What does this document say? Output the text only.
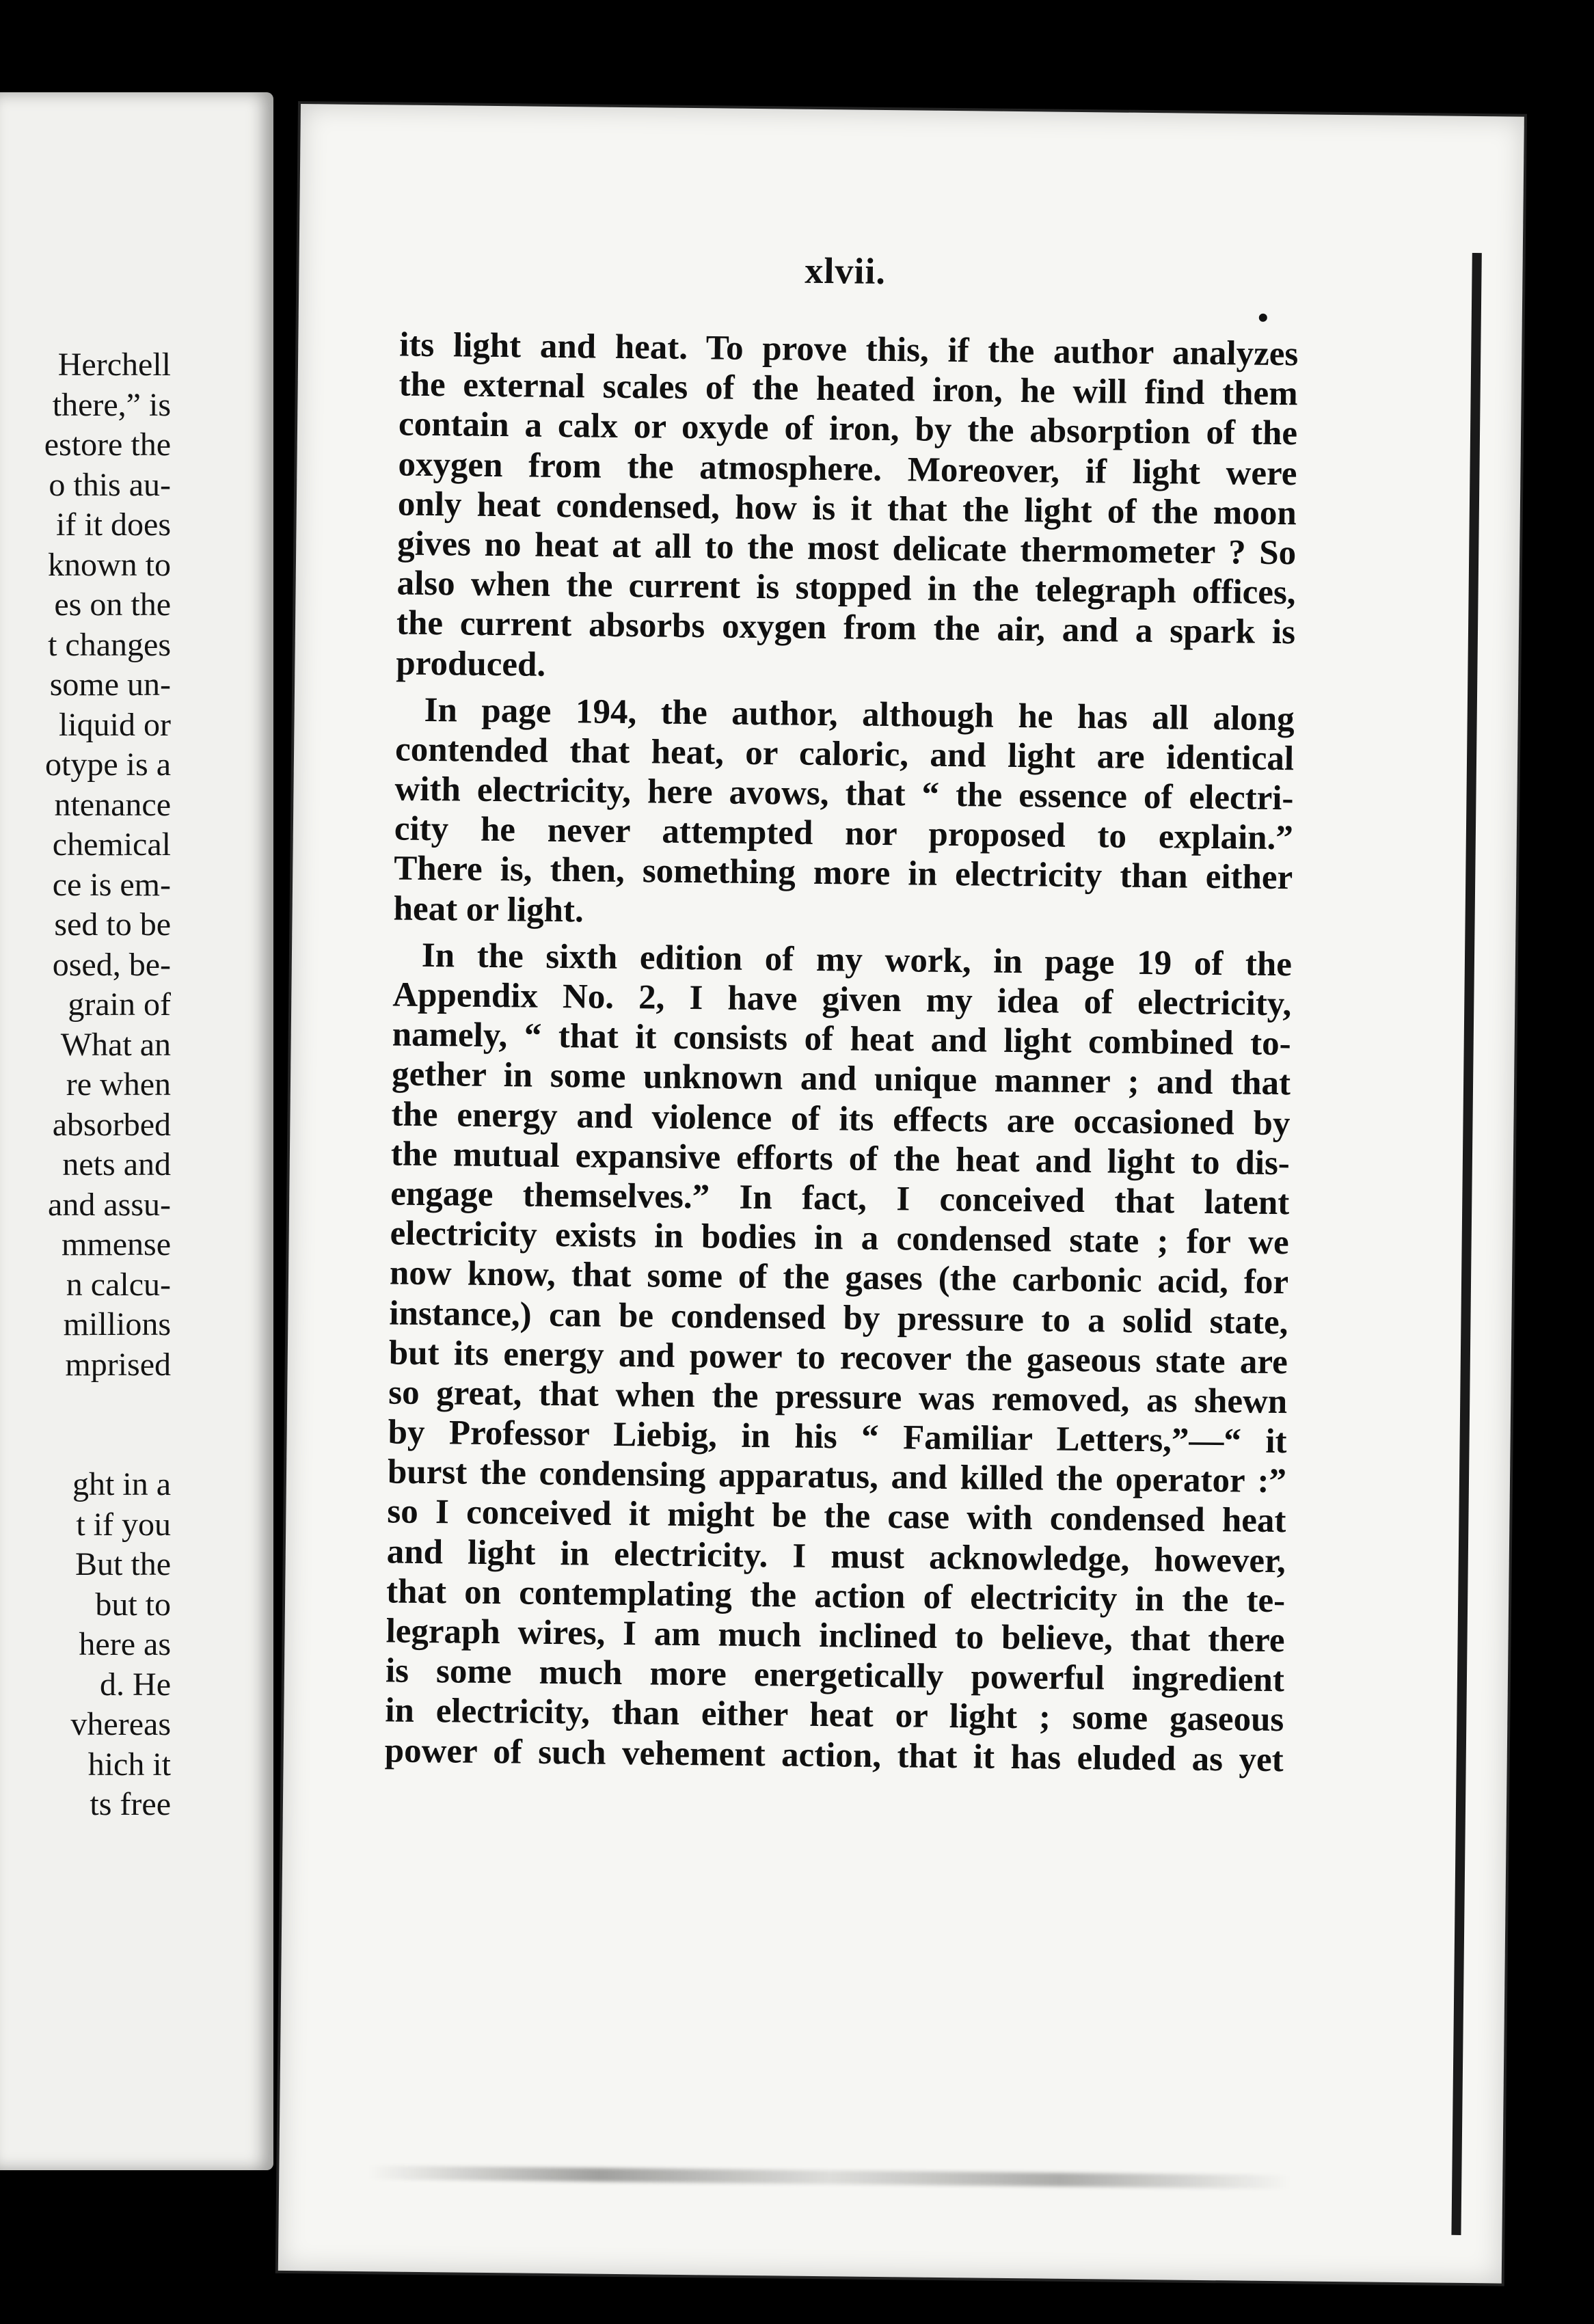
Herchell
there,” is
estore the
o this au-
if it does
known to
es on the
t changes
some un-
liquid or
otype is a
ntenance
chemical
ce is em-
sed to be
osed, be-
grain of
What an
re when
absorbed
nets and
and assu-
mmense
n calcu-
millions
mprised
ght in a
t if you
But the
but to
here as
d. He
vhereas
hich it
ts free
xlvii.
its light and heat. To prove this, if the author analyzes
the external scales of the heated iron, he will find them
contain a calx or oxyde of iron, by the absorption of the
oxygen from the atmosphere. Moreover, if light were
only heat condensed, how is it that the light of the moon
gives no heat at all to the most delicate thermometer ? So
also when the current is stopped in the telegraph offices,
the current absorbs oxygen from the air, and a spark is
produced.
In page 194, the author, although he has all along
contended that heat, or caloric, and light are identical
with electricity, here avows, that “ the essence of electri-
city he never attempted nor proposed to explain.”
There is, then, something more in electricity than either
heat or light.
In the sixth edition of my work, in page 19 of the
Appendix No. 2, I have given my idea of electricity,
namely, “ that it consists of heat and light combined to-
gether in some unknown and unique manner ; and that
the energy and violence of its effects are occasioned by
the mutual expansive efforts of the heat and light to dis-
engage themselves.” In fact, I conceived that latent
electricity exists in bodies in a condensed state ; for we
now know, that some of the gases (the carbonic acid, for
instance,) can be condensed by pressure to a solid state,
but its energy and power to recover the gaseous state are
so great, that when the pressure was removed, as shewn
by Professor Liebig, in his “ Familiar Letters,”—“ it
burst the condensing apparatus, and killed the operator :”
so I conceived it might be the case with condensed heat
and light in electricity. I must acknowledge, however,
that on contemplating the action of electricity in the te-
legraph wires, I am much inclined to believe, that there
is some much more energetically powerful ingredient
in electricity, than either heat or light ; some gaseous
power of such vehement action, that it has eluded as yet
